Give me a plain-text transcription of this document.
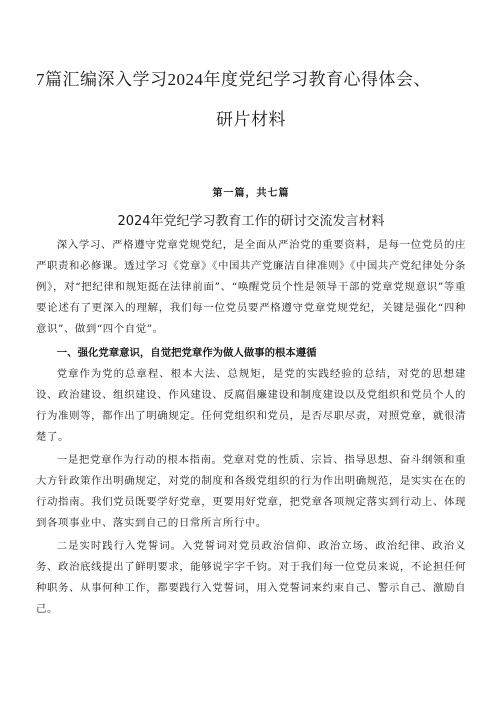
7篇汇编深入学习2024年度党纪学习教育心得体会、
研片材料
第一篇，共七篇
2024年党纪学习教育工作的研讨交流发言材料

深入学习、严格遵守党章党规党纪，是全面从严治党的重要资料，是每一位党员的庄严职责和必修课。透过学习《党章》《中国共产党廉洁自律准则》《中国共产党纪律处分条例》，对“把纪律和规矩挺在法律前面”、“唤醒党员个性是领导干部的党章党规意识”等重要论述有了更深入的理解，我们每一位党员要严格遵守党章党规党纪，关键是强化“四种意识”、做到“四个自觉”。

一、强化党章意识，自觉把党章作为做人做事的根本遵循

党章作为党的总章程、根本大法、总规矩，是党的实践经验的总结，对党的思想建设、政治建设、组织建设、作风建设、反腐倡廉建设和制度建设以及党组织和党员个人的行为准则等，都作出了明确规定。任何党组织和党员，是否尽职尽责，对照党章，就很清楚了。

一是把党章作为行动的根本指南。党章对党的性质、宗旨、指导思想、奋斗纲领和重大方针政策作出明确规定，对党的制度和各级党组织的行为作出明确规范，是实实在在的行动指南。我们党员既要学好党章，更要用好党章，把党章各项规定落实到行动上、体现到各项事业中、落实到自己的日常所言所行中。

二是实时践行入党誓词。入党誓词对党员政治信仰、政治立场、政治纪律、政治义务、政治底线提出了鲜明要求，能够说字字千钧。对于我们每一位党员来说，不论担任何种职务、从事何种工作，都要践行入党誓词，用入党誓词来约束自己、警示自己、激励自己。
